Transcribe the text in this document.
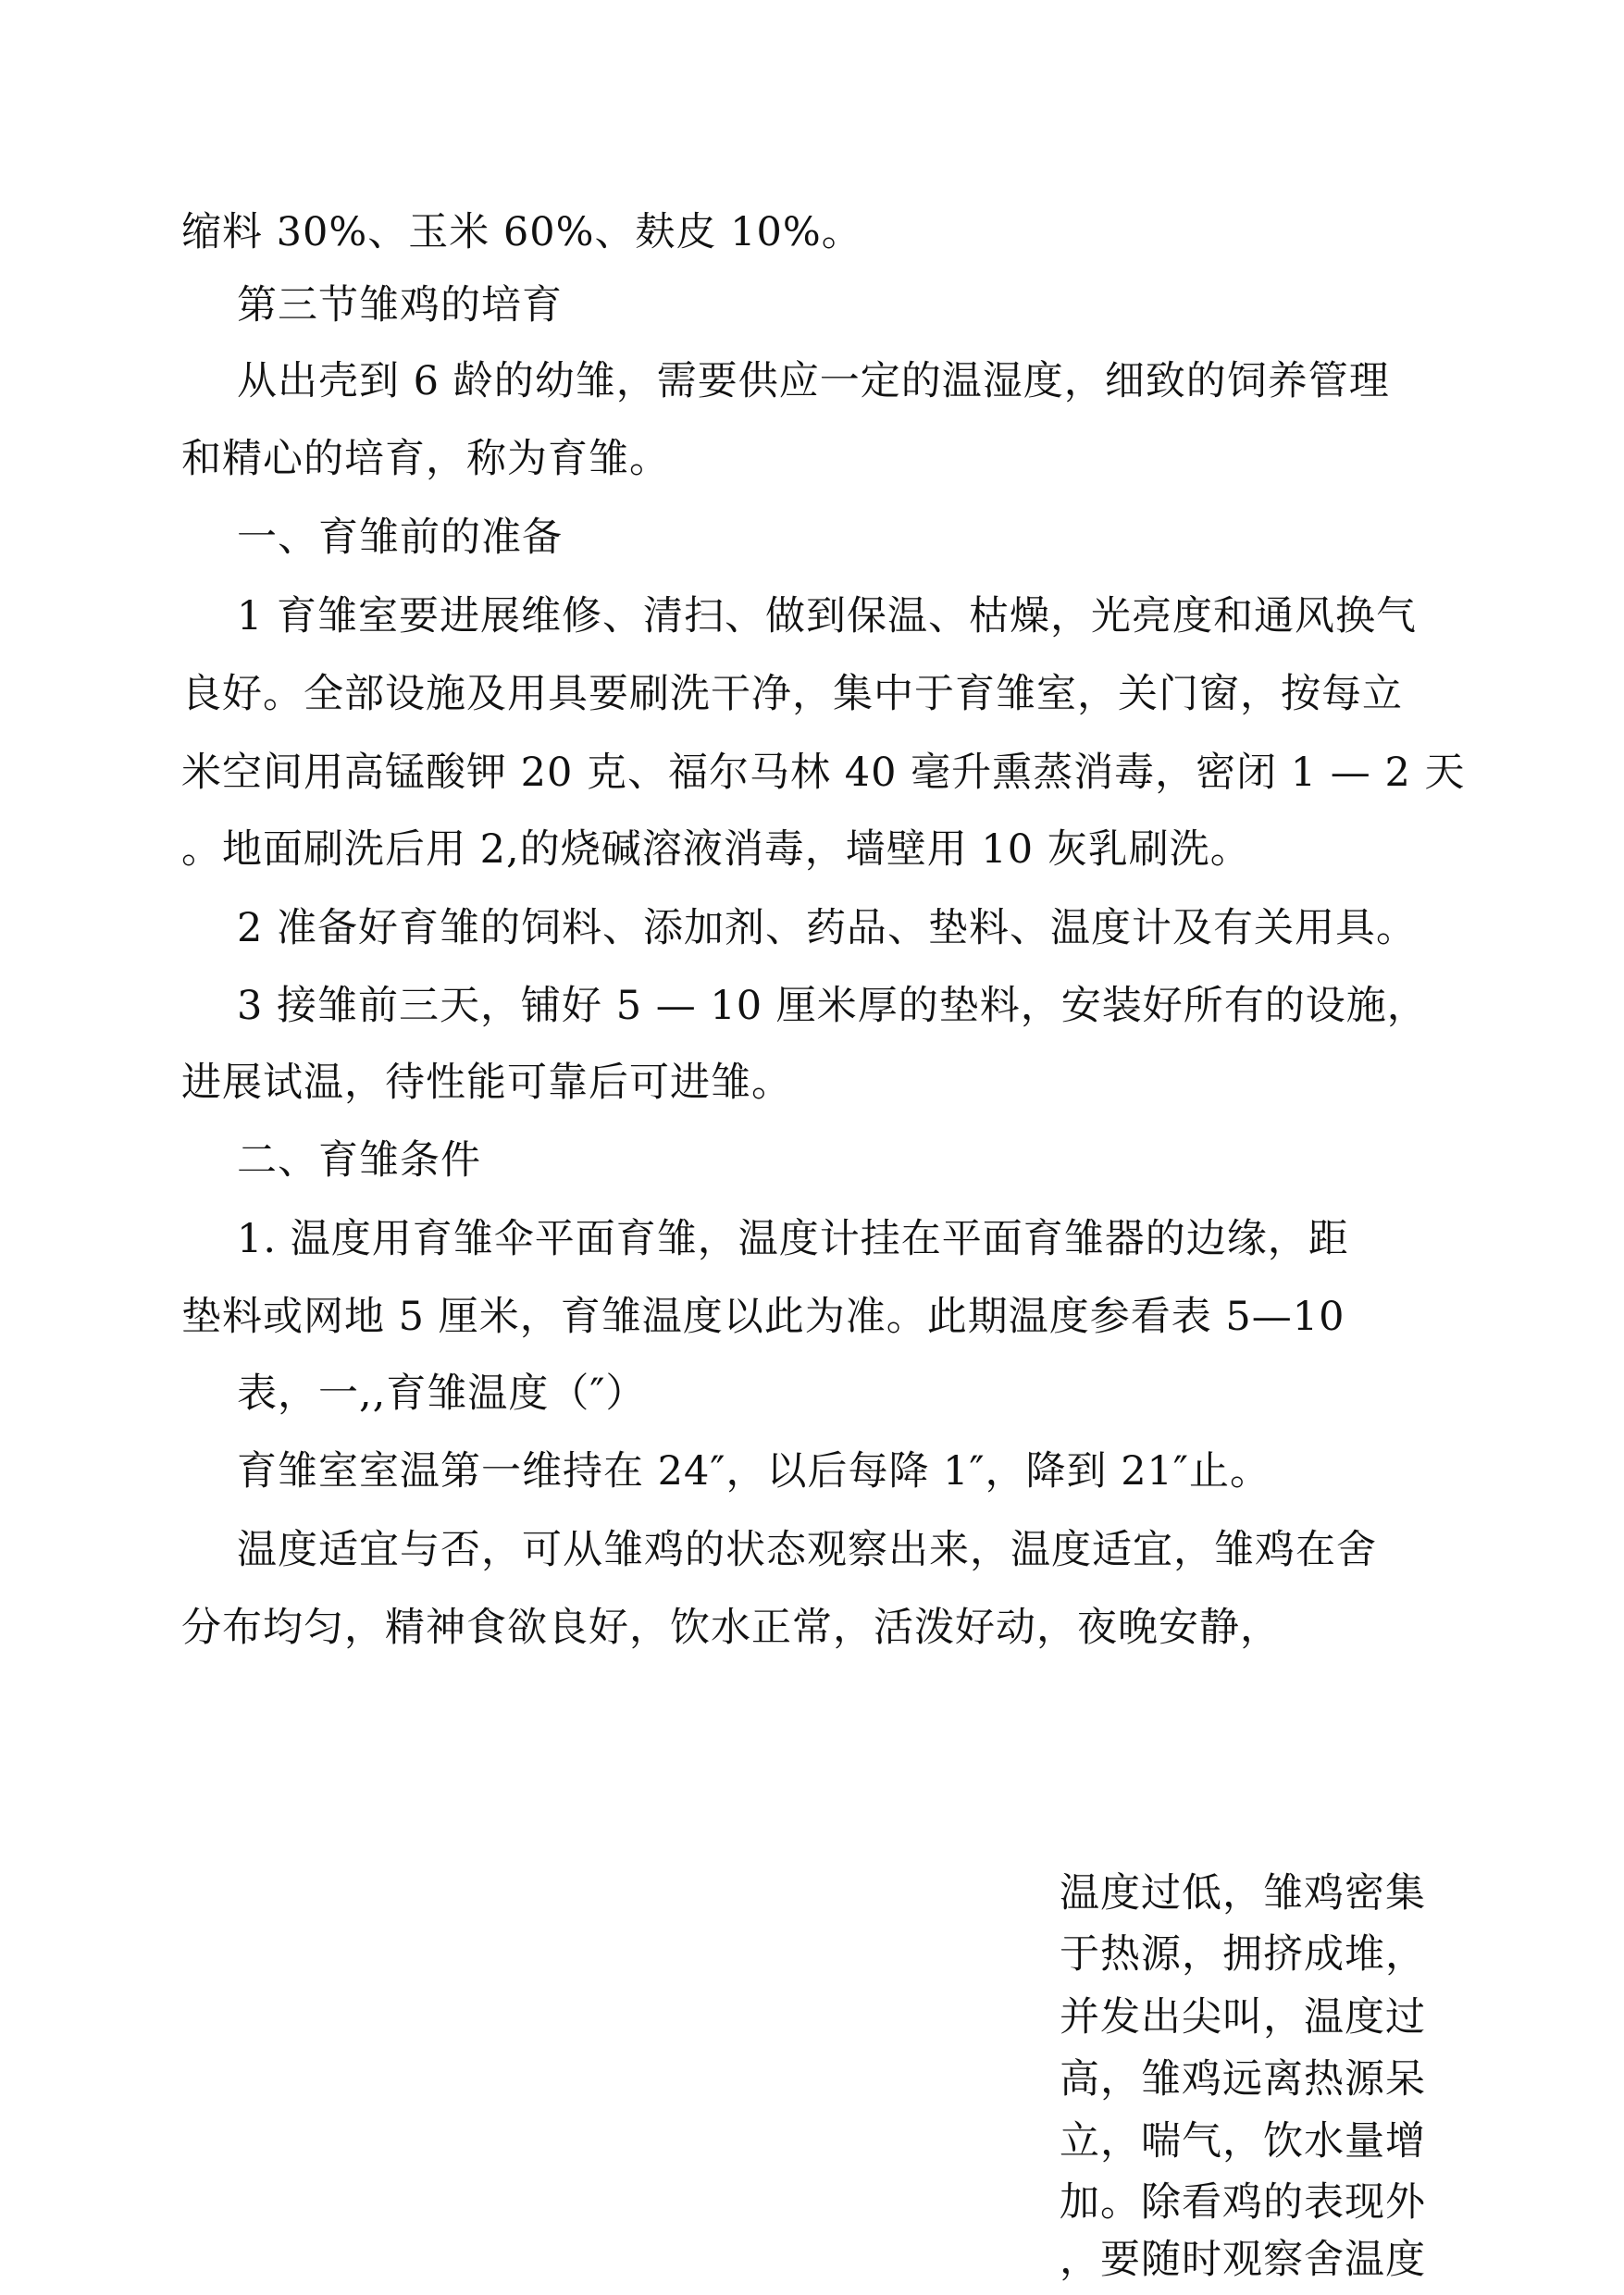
缩料 30%、玉米 60%、麸皮 10%。
第三节雏鸡的培育
从出壳到 6 龄的幼雏，需要供应一定的温湿度，细致的饲养管理
和精心的培育，称为育雏。
一、育雏前的准备
1 育雏室要进展维修、清扫、做到保温、枯燥，光亮度和通风换气
良好。全部设施及用具要刷洗干净，集中于育雏室，关门窗，按每立
米空间用高锰酸钾 20 克、福尔马林 40 毫升熏蒸消毒，密闭 1 — 2 天
。地面刷洗后用 2,的烧碱溶液消毒，墙壁用 10 灰乳刷洗。
2 准备好育雏的饲料、添加剂、药品、垫料、温度计及有关用具。
3 接雏前三天，铺好 5 — 10 厘米厚的垫料，安装好所有的设施，
进展试温，待性能可靠后可进雏。
二、育雏条件
1. 温度用育雏伞平面育雏，温度计挂在平面育雏器的边缘，距
垫料或网地 5 厘米，育雏温度以此为准。此期温度参看表 5—10
表，一,,育雏温度（″）
育雏室室温第一维持在 24″，以后每降 1″，降到 21″止。
温度适宜与否，可从雏鸡的状态观察出来，温度适宜，雏鸡在舍
分布均匀，精神食欲良好，饮水正常，活泼好动，夜晚安静，
温度过低，雏鸡密集
于热源，拥挤成堆，
并发出尖叫，温度过
高，雏鸡远离热源呆
立，喘气，饮水量增
加。除看鸡的表现外
，要随时观察舍温度
